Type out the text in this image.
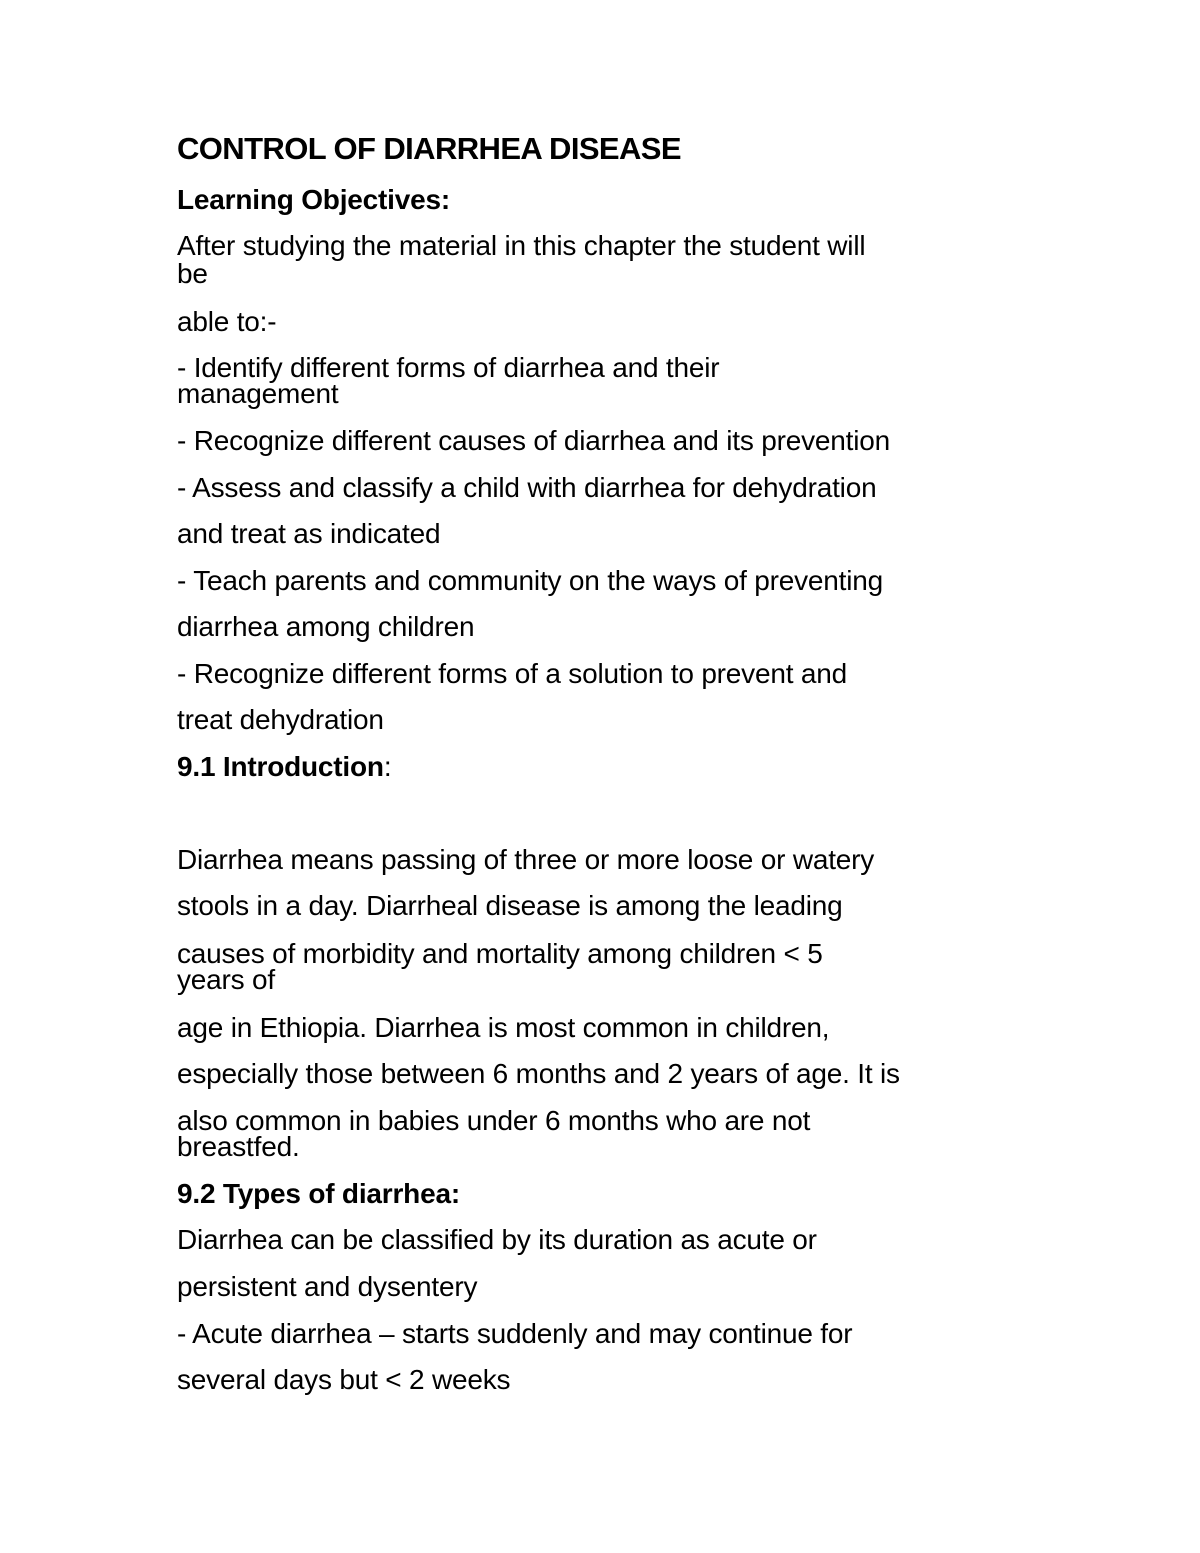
CONTROL OF DIARRHEA DISEASE

Learning Objectives:

After studying the material in this chapter the student will

be

able to:-

- Identify different forms of diarrhea and their

management

- Recognize different causes of diarrhea and its prevention

- Assess and classify a child with diarrhea for dehydration

and treat as indicated

- Teach parents and community on the ways of preventing

diarrhea among children

- Recognize different forms of a solution to prevent and

treat dehydration

9.1 Introduction:

Diarrhea means passing of three or more loose or watery

stools in a day. Diarrheal disease is among the leading

causes of morbidity and mortality among children < 5

years of

age in Ethiopia. Diarrhea is most common in children,

especially those between 6 months and 2 years of age. It is

also common in babies under 6 months who are not

breastfed.

9.2 Types of diarrhea:

Diarrhea can be classified by its duration as acute or

persistent and dysentery

- Acute diarrhea – starts suddenly and may continue for

several days but < 2 weeks
